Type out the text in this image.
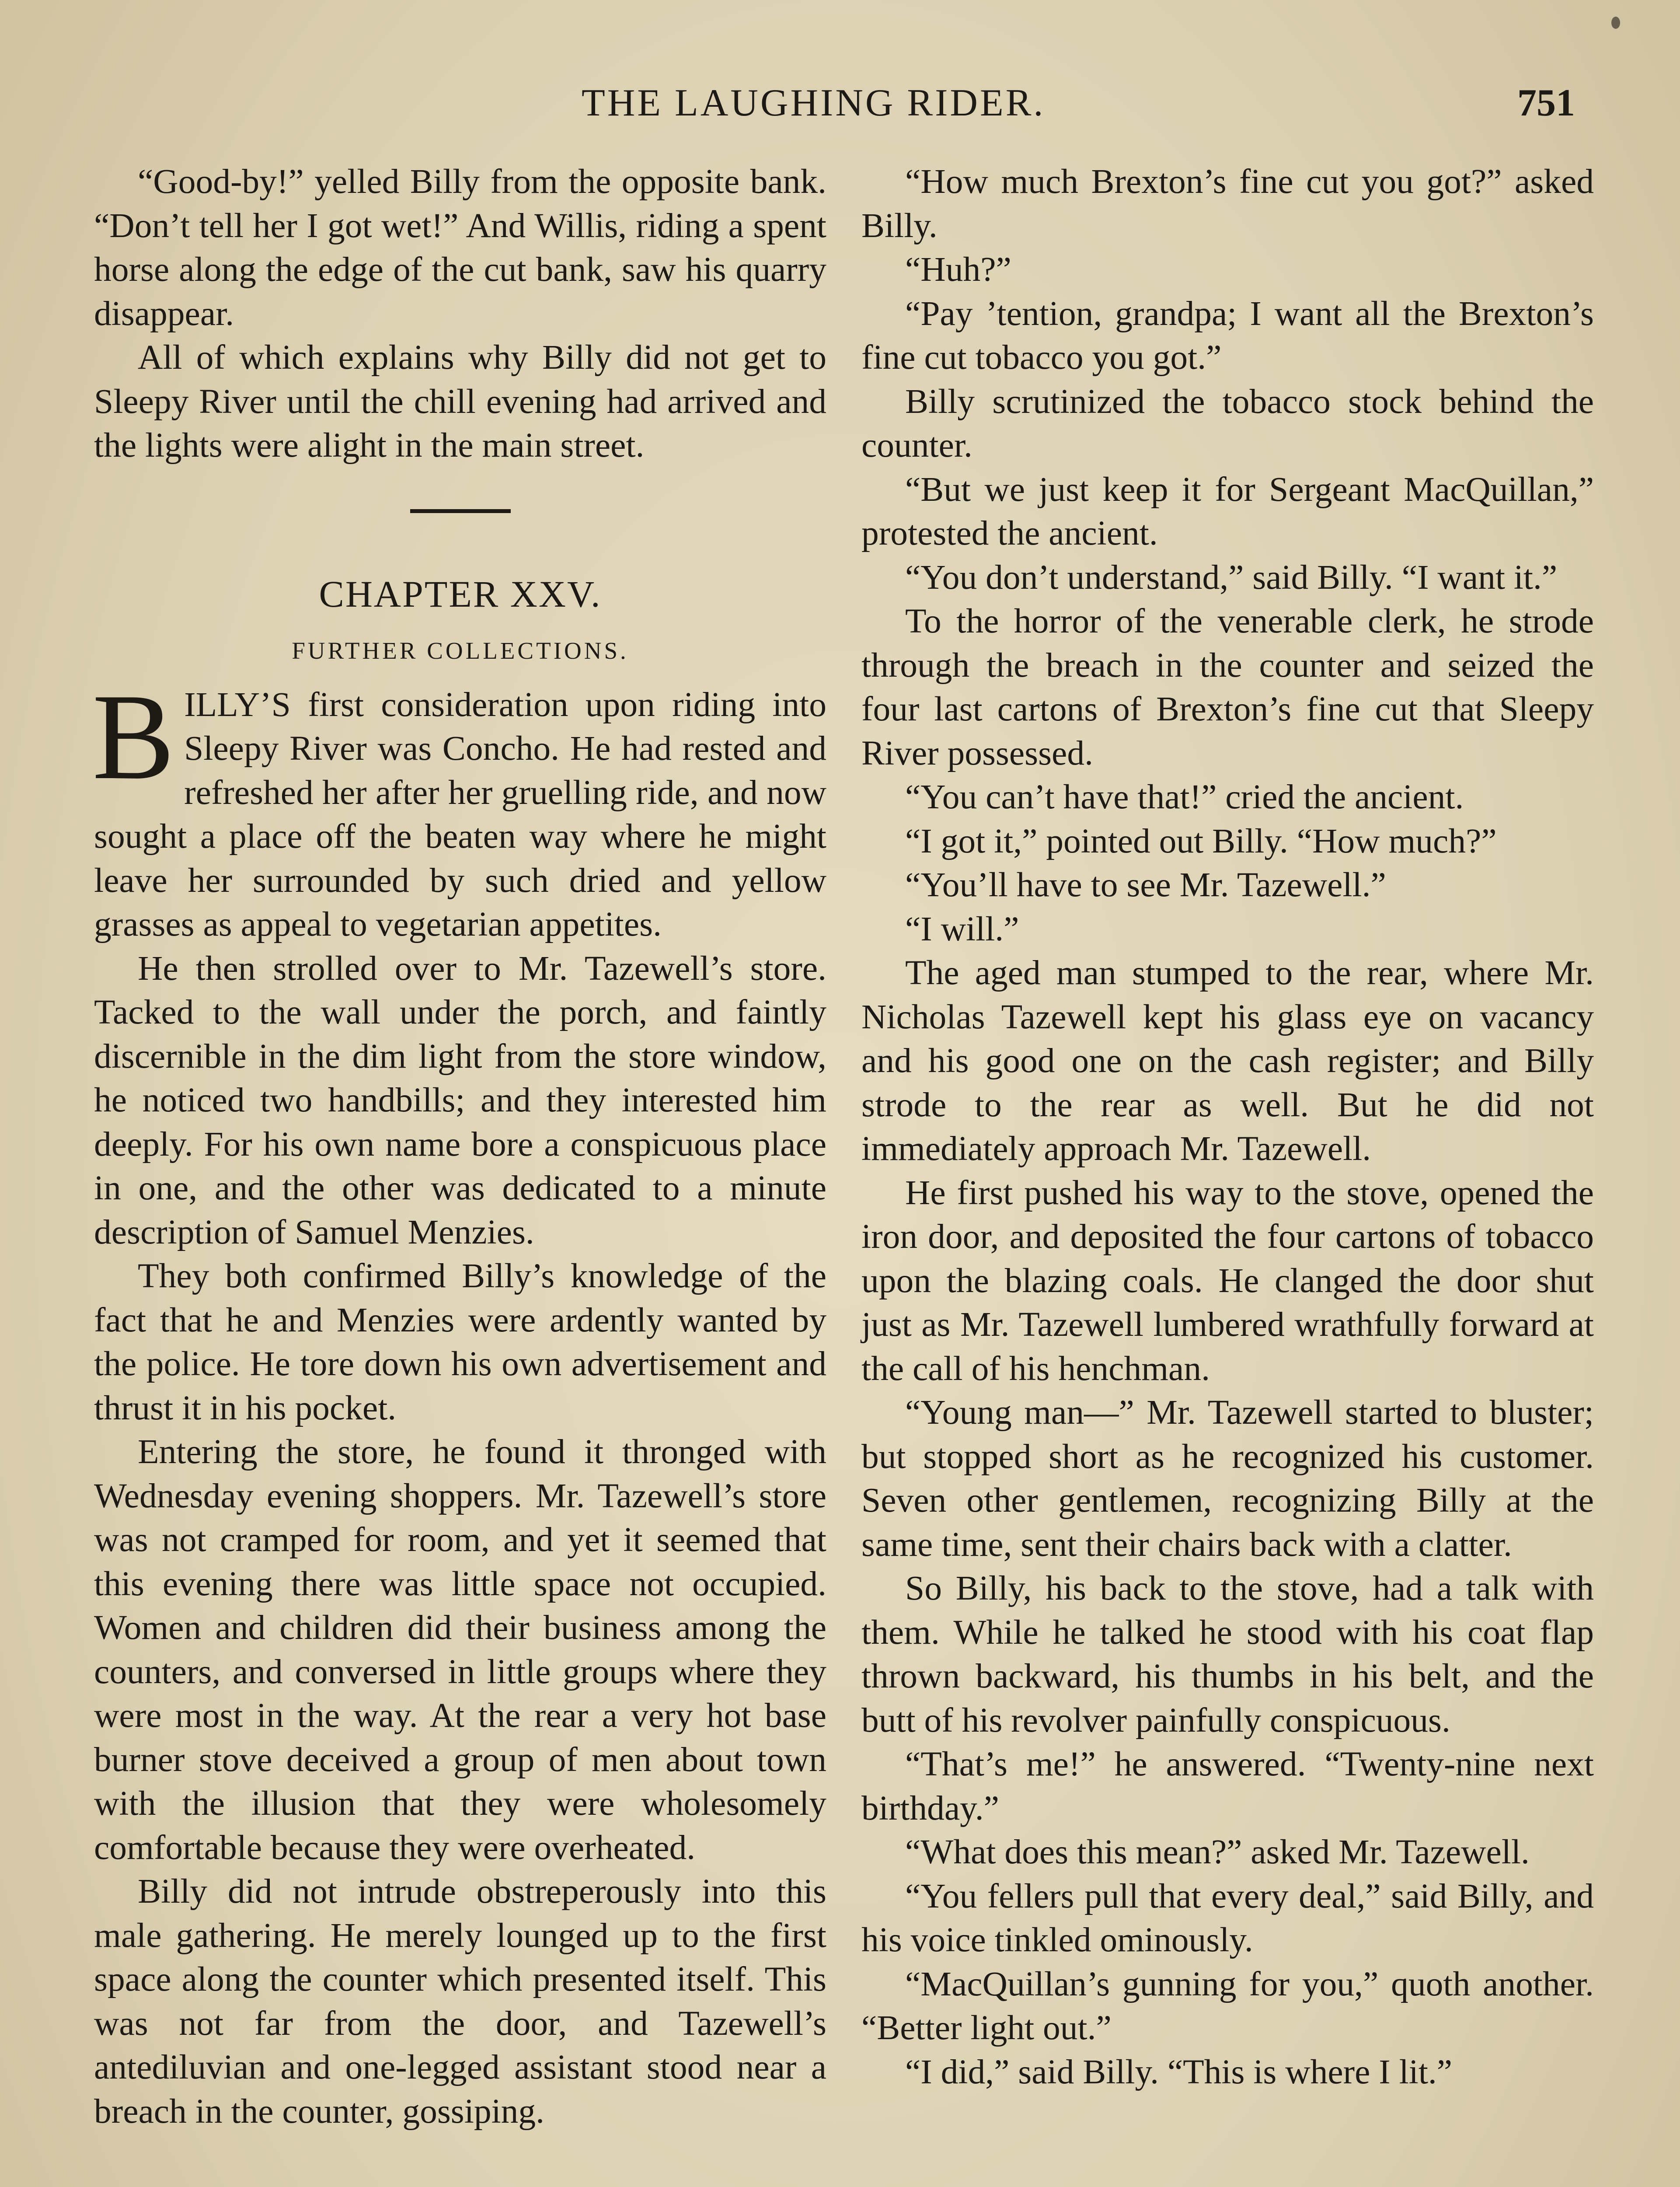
THE LAUGHING RIDER.	751

“Good-by!” yelled Billy from the opposite bank. “Don’t tell her I got wet!” And Willis, riding a spent horse along the edge of the cut bank, saw his quarry disappear.

All of which explains why Billy did not get to Sleepy River until the chill evening had arrived and the lights were alight in the main street.

CHAPTER XXV.
FURTHER COLLECTIONS.

BILLY’S first consideration upon riding into Sleepy River was Concho. He had rested and refreshed her after her gruelling ride, and now sought a place off the beaten way where he might leave her surrounded by such dried and yellow grasses as appeal to vegetarian appetites.

He then strolled over to Mr. Tazewell’s store. Tacked to the wall under the porch, and faintly discernible in the dim light from the store window, he noticed two handbills; and they interested him deeply. For his own name bore a conspicuous place in one, and the other was dedicated to a minute description of Samuel Menzies.

They both confirmed Billy’s knowledge of the fact that he and Menzies were ardently wanted by the police. He tore down his own advertisement and thrust it in his pocket.

Entering the store, he found it thronged with Wednesday evening shoppers. Mr. Tazewell’s store was not cramped for room, and yet it seemed that this evening there was little space not occupied. Women and children did their business among the counters, and conversed in little groups where they were most in the way. At the rear a very hot base burner stove deceived a group of men about town with the illusion that they were wholesomely comfortable because they were overheated.

Billy did not intrude obstreperously into this male gathering. He merely lounged up to the first space along the counter which presented itself. This was not far from the door, and Tazewell’s antediluvian and one-legged assistant stood near a breach in the counter, gossiping.

“How much Brexton’s fine cut you got?” asked Billy.

“Huh?”

“Pay ’tention, grandpa; I want all the Brexton’s fine cut tobacco you got.”

Billy scrutinized the tobacco stock behind the counter.

“But we just keep it for Sergeant MacQuillan,” protested the ancient.

“You don’t understand,” said Billy. “I want it.”

To the horror of the venerable clerk, he strode through the breach in the counter and seized the four last cartons of Brexton’s fine cut that Sleepy River possessed.

“You can’t have that!” cried the ancient.

“I got it,” pointed out Billy. “How much?”

“You’ll have to see Mr. Tazewell.”

“I will.”

The aged man stumped to the rear, where Mr. Nicholas Tazewell kept his glass eye on vacancy and his good one on the cash register; and Billy strode to the rear as well. But he did not immediately approach Mr. Tazewell.

He first pushed his way to the stove, opened the iron door, and deposited the four cartons of tobacco upon the blazing coals. He clanged the door shut just as Mr. Tazewell lumbered wrathfully forward at the call of his henchman.

“Young man—” Mr. Tazewell started to bluster; but stopped short as he recognized his customer. Seven other gentlemen, recognizing Billy at the same time, sent their chairs back with a clatter.

So Billy, his back to the stove, had a talk with them. While he talked he stood with his coat flap thrown backward, his thumbs in his belt, and the butt of his revolver painfully conspicuous.

“That’s me!” he answered. “Twenty-nine next birthday.”

“What does this mean?” asked Mr. Tazewell.

“You fellers pull that every deal,” said Billy, and his voice tinkled ominously.

“MacQuillan’s gunning for you,” quoth another. “Better light out.”

“I did,” said Billy. “This is where I lit.”
